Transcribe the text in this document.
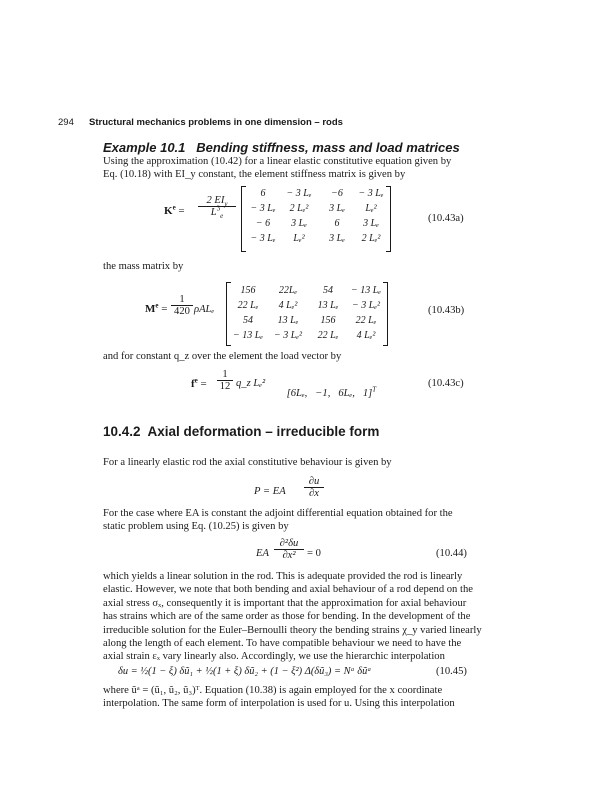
294 Structural mechanics problems in one dimension – rods
Example 10.1   Bending stiffness, mass and load matrices
Using the approximation (10.42) for a linear elastic constitutive equation given by
Eq. (10.18) with EI_y constant, the element stiffness matrix is given by
$K^e$ =
2 $EI_y$
$L^3_e$
6	− 3 Lₑ	−6	− 3 Lₑ
− 3 Lₑ	2 Lₑ²	3 Lₑ	Lₑ²
− 6	3 Lₑ	6	3 Lₑ
− 3 Lₑ	Lₑ²	3 Lₑ	2 Lₑ²
(10.43a)
the mass matrix by
$M^e = \frac{1}{420}$ ρALₑ
156	22Lₑ	54	− 13 Lₑ
22 Lₑ	4 Lₑ²	13 Lₑ	− 3 Lₑ²
54	13 Lₑ	156	22 Lₑ
− 13 Lₑ	− 3 Lₑ²	22 Lₑ	4 Lₑ²
(10.43b)
and for constant q_z over the element the load vector by
$f^e = \frac{1}{12}$ q_z Lₑ²

[6Lₑ,   −1,   6Lₑ,   1]$^T$

(10.43c)
10.4.2  Axial deformation – irreducible form
For a linearly elastic rod the axial constitutive behaviour is given by
P = EA $\frac{\partial u}{\partial x}$
For the case where EA is constant the adjoint differential equation obtained for the
static problem using Eq. (10.25) is given by
EA $\frac{\text{∂²δu}}{\text{∂x²}} = 0$	(10.44)
which yields a linear solution in the rod. This is adequate provided the rod is linearly
elastic. However, we note that both bending and axial behaviour of a rod depend on the
axial stress σₓ, consequently it is important that the approximation for axial behaviour
has strains which are of the same order as those for bending. In the development of the
irreducible solution for the Euler–Bernoulli theory the bending strains χ_y varied linearly
along the length of each element. To have compatible behaviour we need to have the
axial strain εₓ vary linearly also. Accordingly, we use the hierarchic interpolation
δu = ½(1 − ξ) δũ₁ + ½(1 + ξ) δũ₂ + (1 − ξ²) Δ(δũ₃) = Nᵃ δũᵃ	(10.45)
where ũᵃ = (ũ₁, ũ₂, ũ₃)ᵀ. Equation (10.38) is again employed for the x coordinate
interpolation. The same form of interpolation is used for u. Using this interpolation
